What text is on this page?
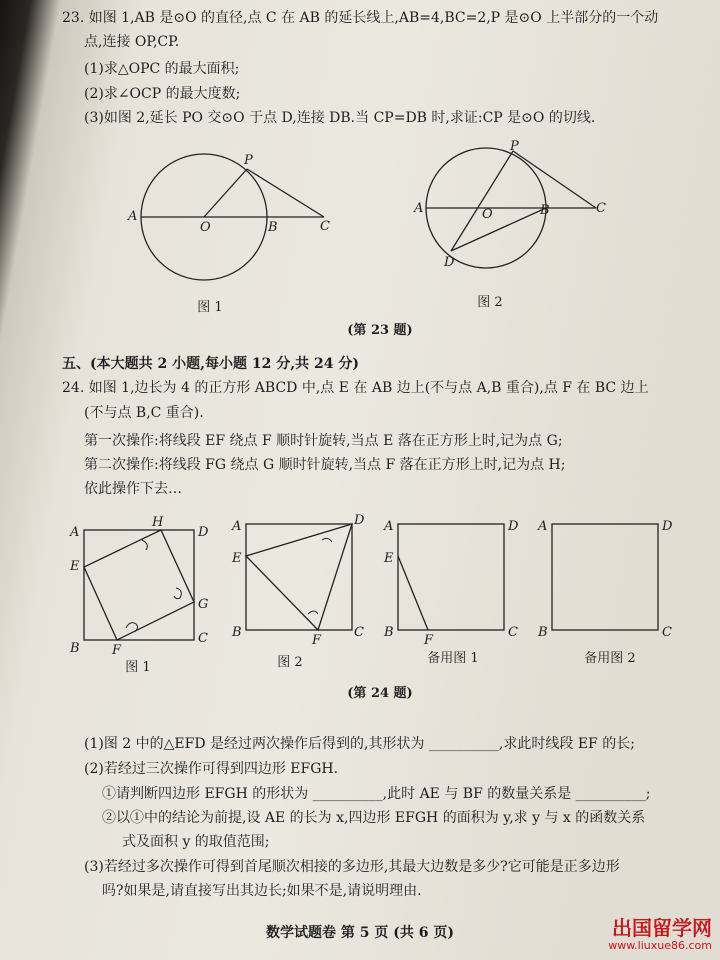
23. 如图 1,AB 是⊙O 的直径,点 C 在 AB 的延长线上,AB=4,BC=2,P 是⊙O 上半部分的一个动
点,连接 OP,CP.
(1)求△OPC 的最大面积;
(2)求∠OCP 的最大度数;
(3)如图 2,延长 PO 交⊙O 于点 D,连接 DB.当 CP=DB 时,求证:CP 是⊙O 的切线.
A
O	B	C
P
图 1
A	O	B	C
P
D
图 2
(第 23 题)
五、(本大题共 2 小题,每小题 12 分,共 24 分)
24. 如图 1,边长为 4 的正方形 ABCD 中,点 E 在 AB 边上(不与点 A,B 重合),点 F 在 BC 边上
(不与点 B,C 重合).
第一次操作:将线段 EF 绕点 F 顺时针旋转,当点 E 落在正方形上时,记为点 G;
第二次操作:将线段 FG 绕点 G 顺时针旋转,当点 F 落在正方形上时,记为点 H;
依此操作下去…
A
H
D
E
G
B F
C
图 1
A	D
E
B
F
C
图 2
A	D
E
B
F
C
备用图 1
A	D
B	C
备用图 2
(第 24 题)
(1)图 2 中的△EFD 是经过两次操作后得到的,其形状为 __________,求此时线段 EF 的长;
(2)若经过三次操作可得到四边形 EFGH.
①请判断四边形 EFGH 的形状为 __________,此时 AE 与 BF 的数量关系是 __________;
②以①中的结论为前提,设 AE 的长为 x,四边形 EFGH 的面积为 y,求 y 与 x 的函数关系
式及面积 y 的取值范围;
(3)若经过多次操作可得到首尾顺次相接的多边形,其最大边数是多少?它可能是正多边形
吗?如果是,请直接写出其边长;如果不是,请说明理由.
数学试题卷 第 5 页 (共 6 页)	出国留学网
www.liuxue86.com
